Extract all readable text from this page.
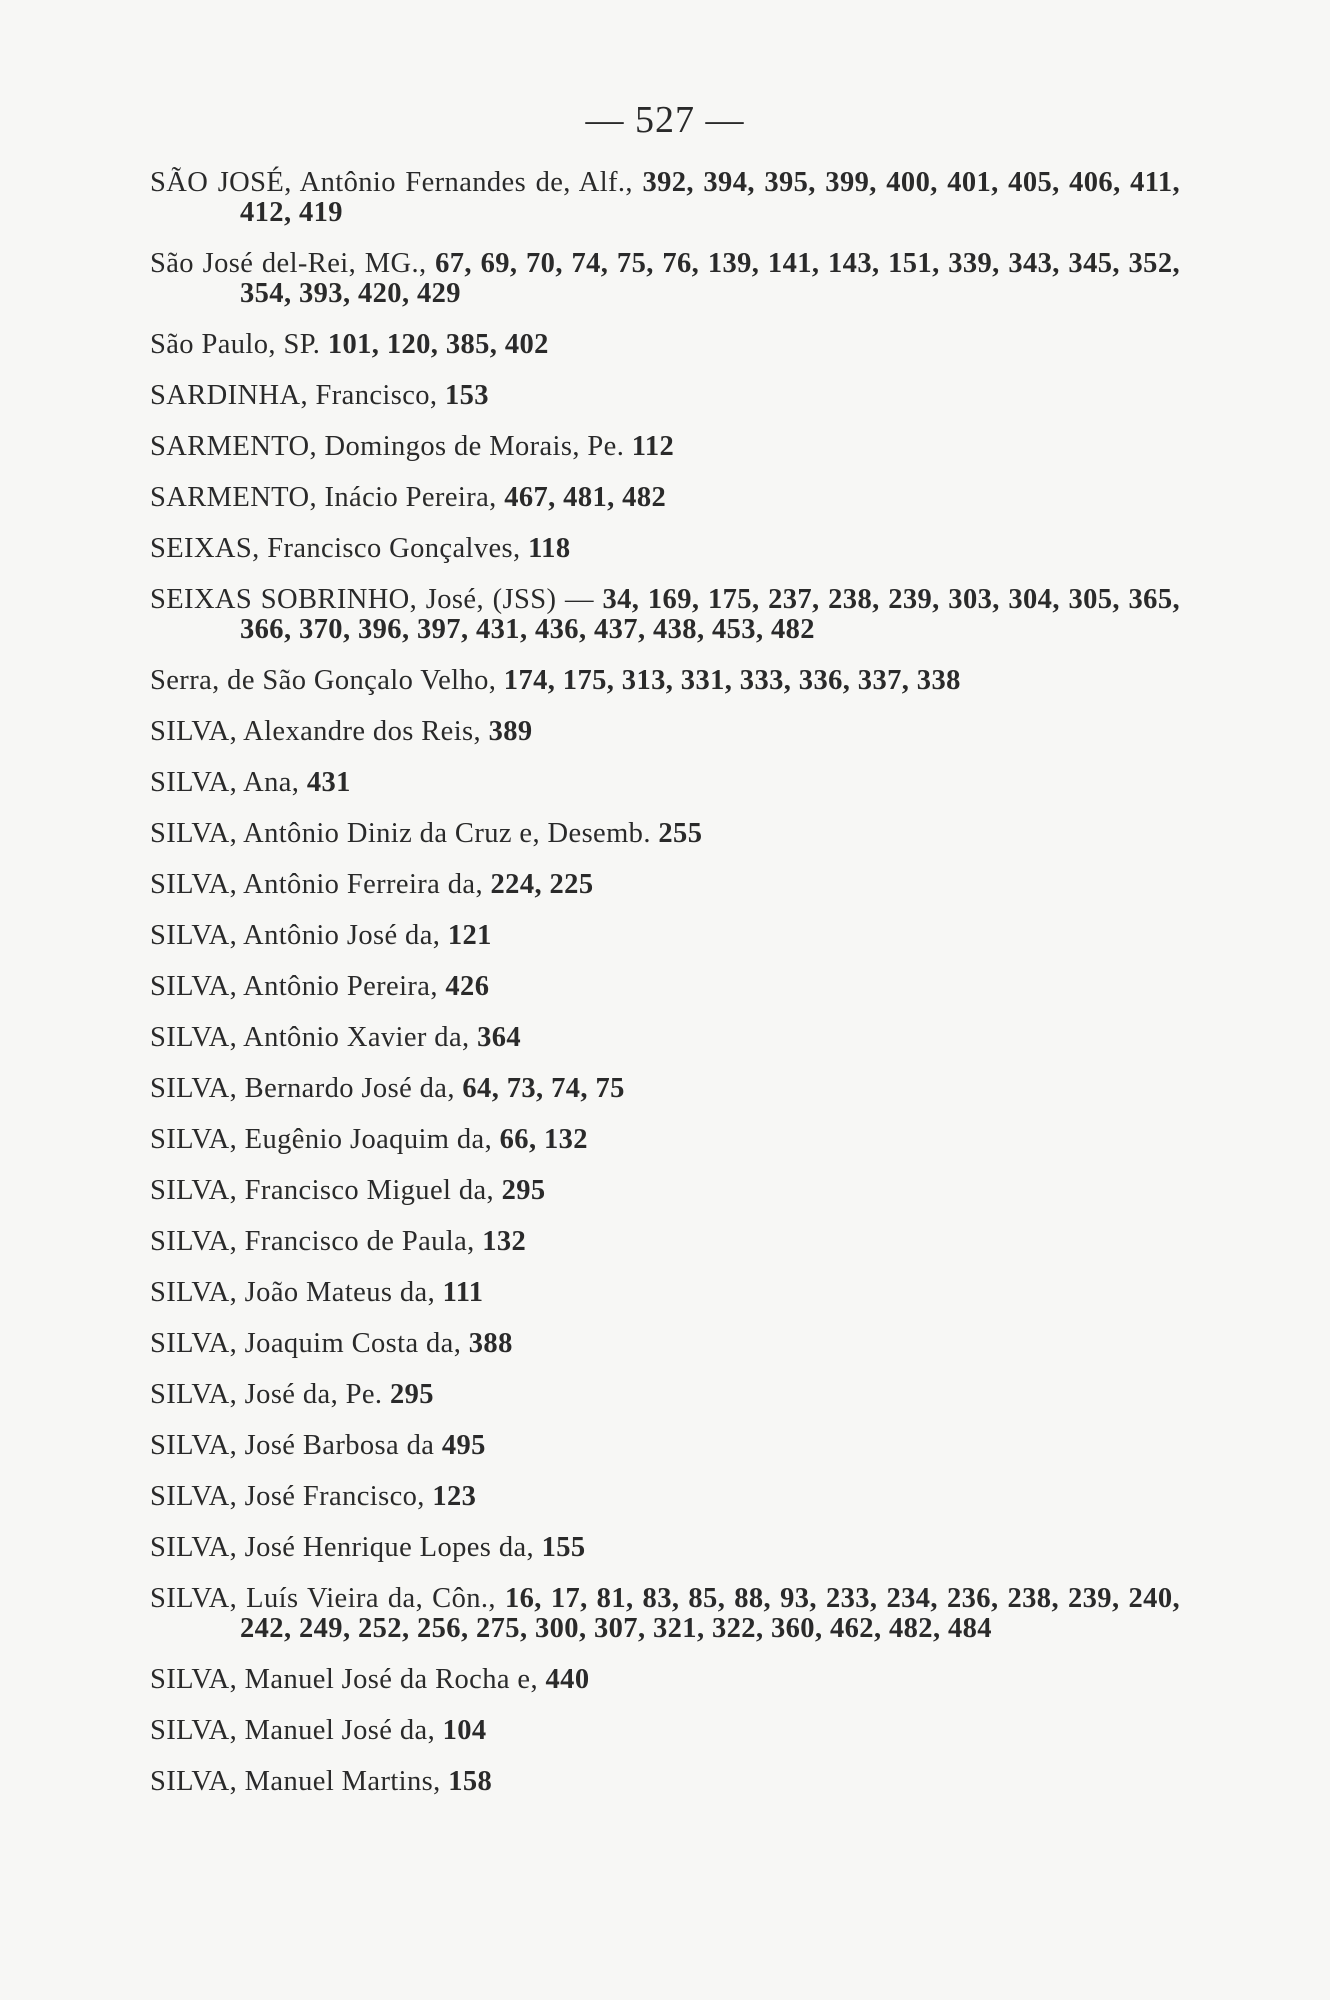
— 527 —
SÃO JOSÉ, Antônio Fernandes de, Alf., 392, 394, 395, 399, 400, 401, 405, 406, 411, 412, 419
São José del-Rei, MG., 67, 69, 70, 74, 75, 76, 139, 141, 143, 151, 339, 343, 345, 352, 354, 393, 420, 429
São Paulo, SP. 101, 120, 385, 402
SARDINHA, Francisco, 153
SARMENTO, Domingos de Morais, Pe. 112
SARMENTO, Inácio Pereira, 467, 481, 482
SEIXAS, Francisco Gonçalves, 118
SEIXAS SOBRINHO, José, (JSS) — 34, 169, 175, 237, 238, 239, 303, 304, 305, 365, 366, 370, 396, 397, 431, 436, 437, 438, 453, 482
Serra, de São Gonçalo Velho, 174, 175, 313, 331, 333, 336, 337, 338
SILVA, Alexandre dos Reis, 389
SILVA, Ana, 431
SILVA, Antônio Diniz da Cruz e, Desemb. 255
SILVA, Antônio Ferreira da, 224, 225
SILVA, Antônio José da, 121
SILVA, Antônio Pereira, 426
SILVA, Antônio Xavier da, 364
SILVA, Bernardo José da, 64, 73, 74, 75
SILVA, Eugênio Joaquim da, 66, 132
SILVA, Francisco Miguel da, 295
SILVA, Francisco de Paula, 132
SILVA, João Mateus da, 111
SILVA, Joaquim Costa da, 388
SILVA, José da, Pe. 295
SILVA, José Barbosa da 495
SILVA, José Francisco, 123
SILVA, José Henrique Lopes da, 155
SILVA, Luís Vieira da, Côn., 16, 17, 81, 83, 85, 88, 93, 233, 234, 236, 238, 239, 240, 242, 249, 252, 256, 275, 300, 307, 321, 322, 360, 462, 482, 484
SILVA, Manuel José da Rocha e, 440
SILVA, Manuel José da, 104
SILVA, Manuel Martins, 158
